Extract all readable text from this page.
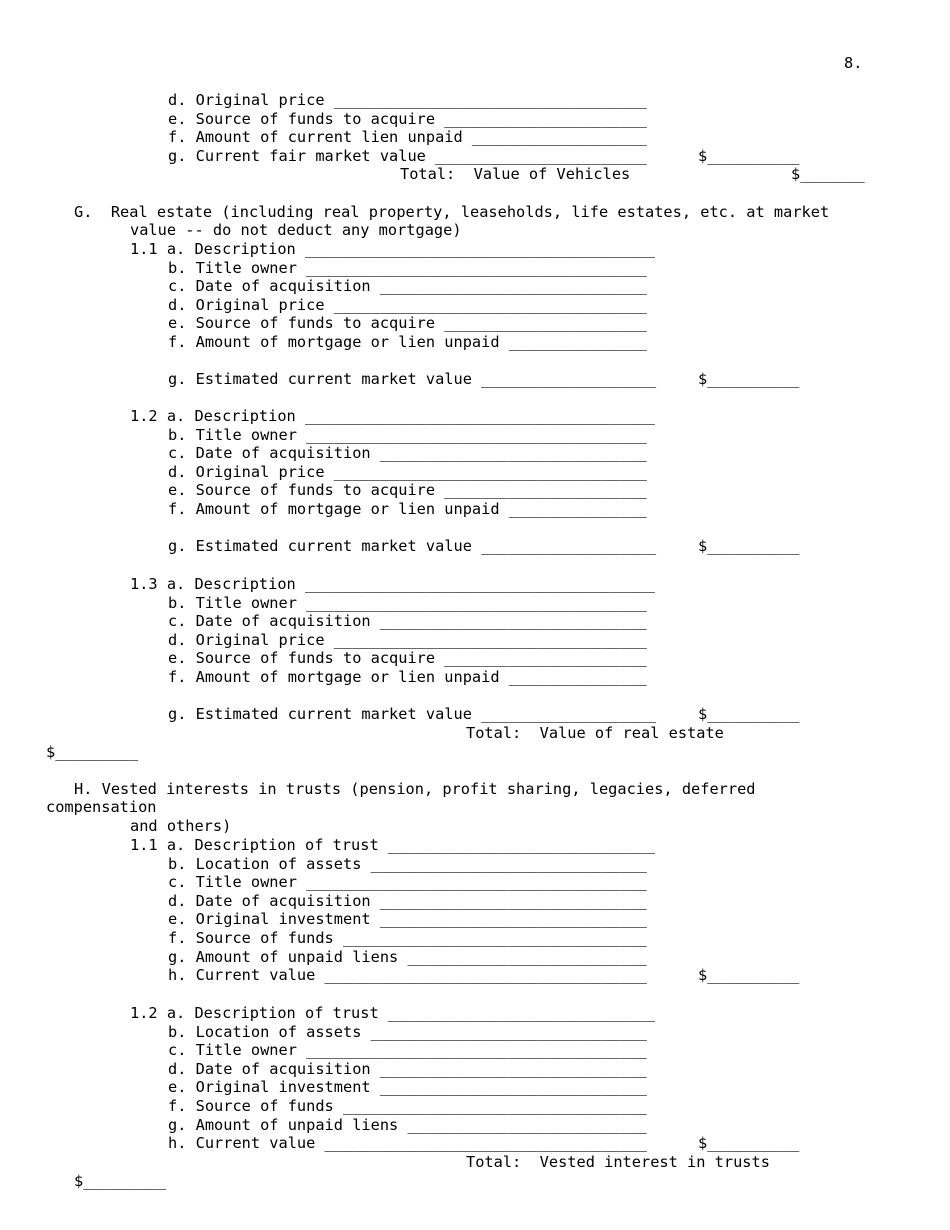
8.
d. Original price __________________________________
e. Source of funds to acquire ______________________
f. Amount of current lien unpaid ___________________
g. Current fair market value _______________________	$__________
Total:  Value of Vehicles	$_______
G.  Real estate (including real property, leaseholds, life estates, etc. at market
value -- do not deduct any mortgage)
1.1 a. Description ______________________________________
b. Title owner _____________________________________
c. Date of acquisition _____________________________
d. Original price __________________________________
e. Source of funds to acquire ______________________
f. Amount of mortgage or lien unpaid _______________
g. Estimated current market value ___________________	$__________
1.2 a. Description ______________________________________
b. Title owner _____________________________________
c. Date of acquisition _____________________________
d. Original price __________________________________
e. Source of funds to acquire ______________________
f. Amount of mortgage or lien unpaid _______________
g. Estimated current market value ___________________	$__________
1.3 a. Description ______________________________________
b. Title owner _____________________________________
c. Date of acquisition _____________________________
d. Original price __________________________________
e. Source of funds to acquire ______________________
f. Amount of mortgage or lien unpaid _______________
g. Estimated current market value ___________________	$__________
Total:  Value of real estate
$_________
H. Vested interests in trusts (pension, profit sharing, legacies, deferred
compensation
and others)
1.1 a. Description of trust _____________________________
b. Location of assets ______________________________
c. Title owner _____________________________________
d. Date of acquisition _____________________________
e. Original investment _____________________________
f. Source of funds _________________________________
g. Amount of unpaid liens __________________________
h. Current value ___________________________________	$__________
1.2 a. Description of trust _____________________________
b. Location of assets ______________________________
c. Title owner _____________________________________
d. Date of acquisition _____________________________
e. Original investment _____________________________
f. Source of funds _________________________________
g. Amount of unpaid liens __________________________
h. Current value ___________________________________	$__________
Total:  Vested interest in trusts
$_________
